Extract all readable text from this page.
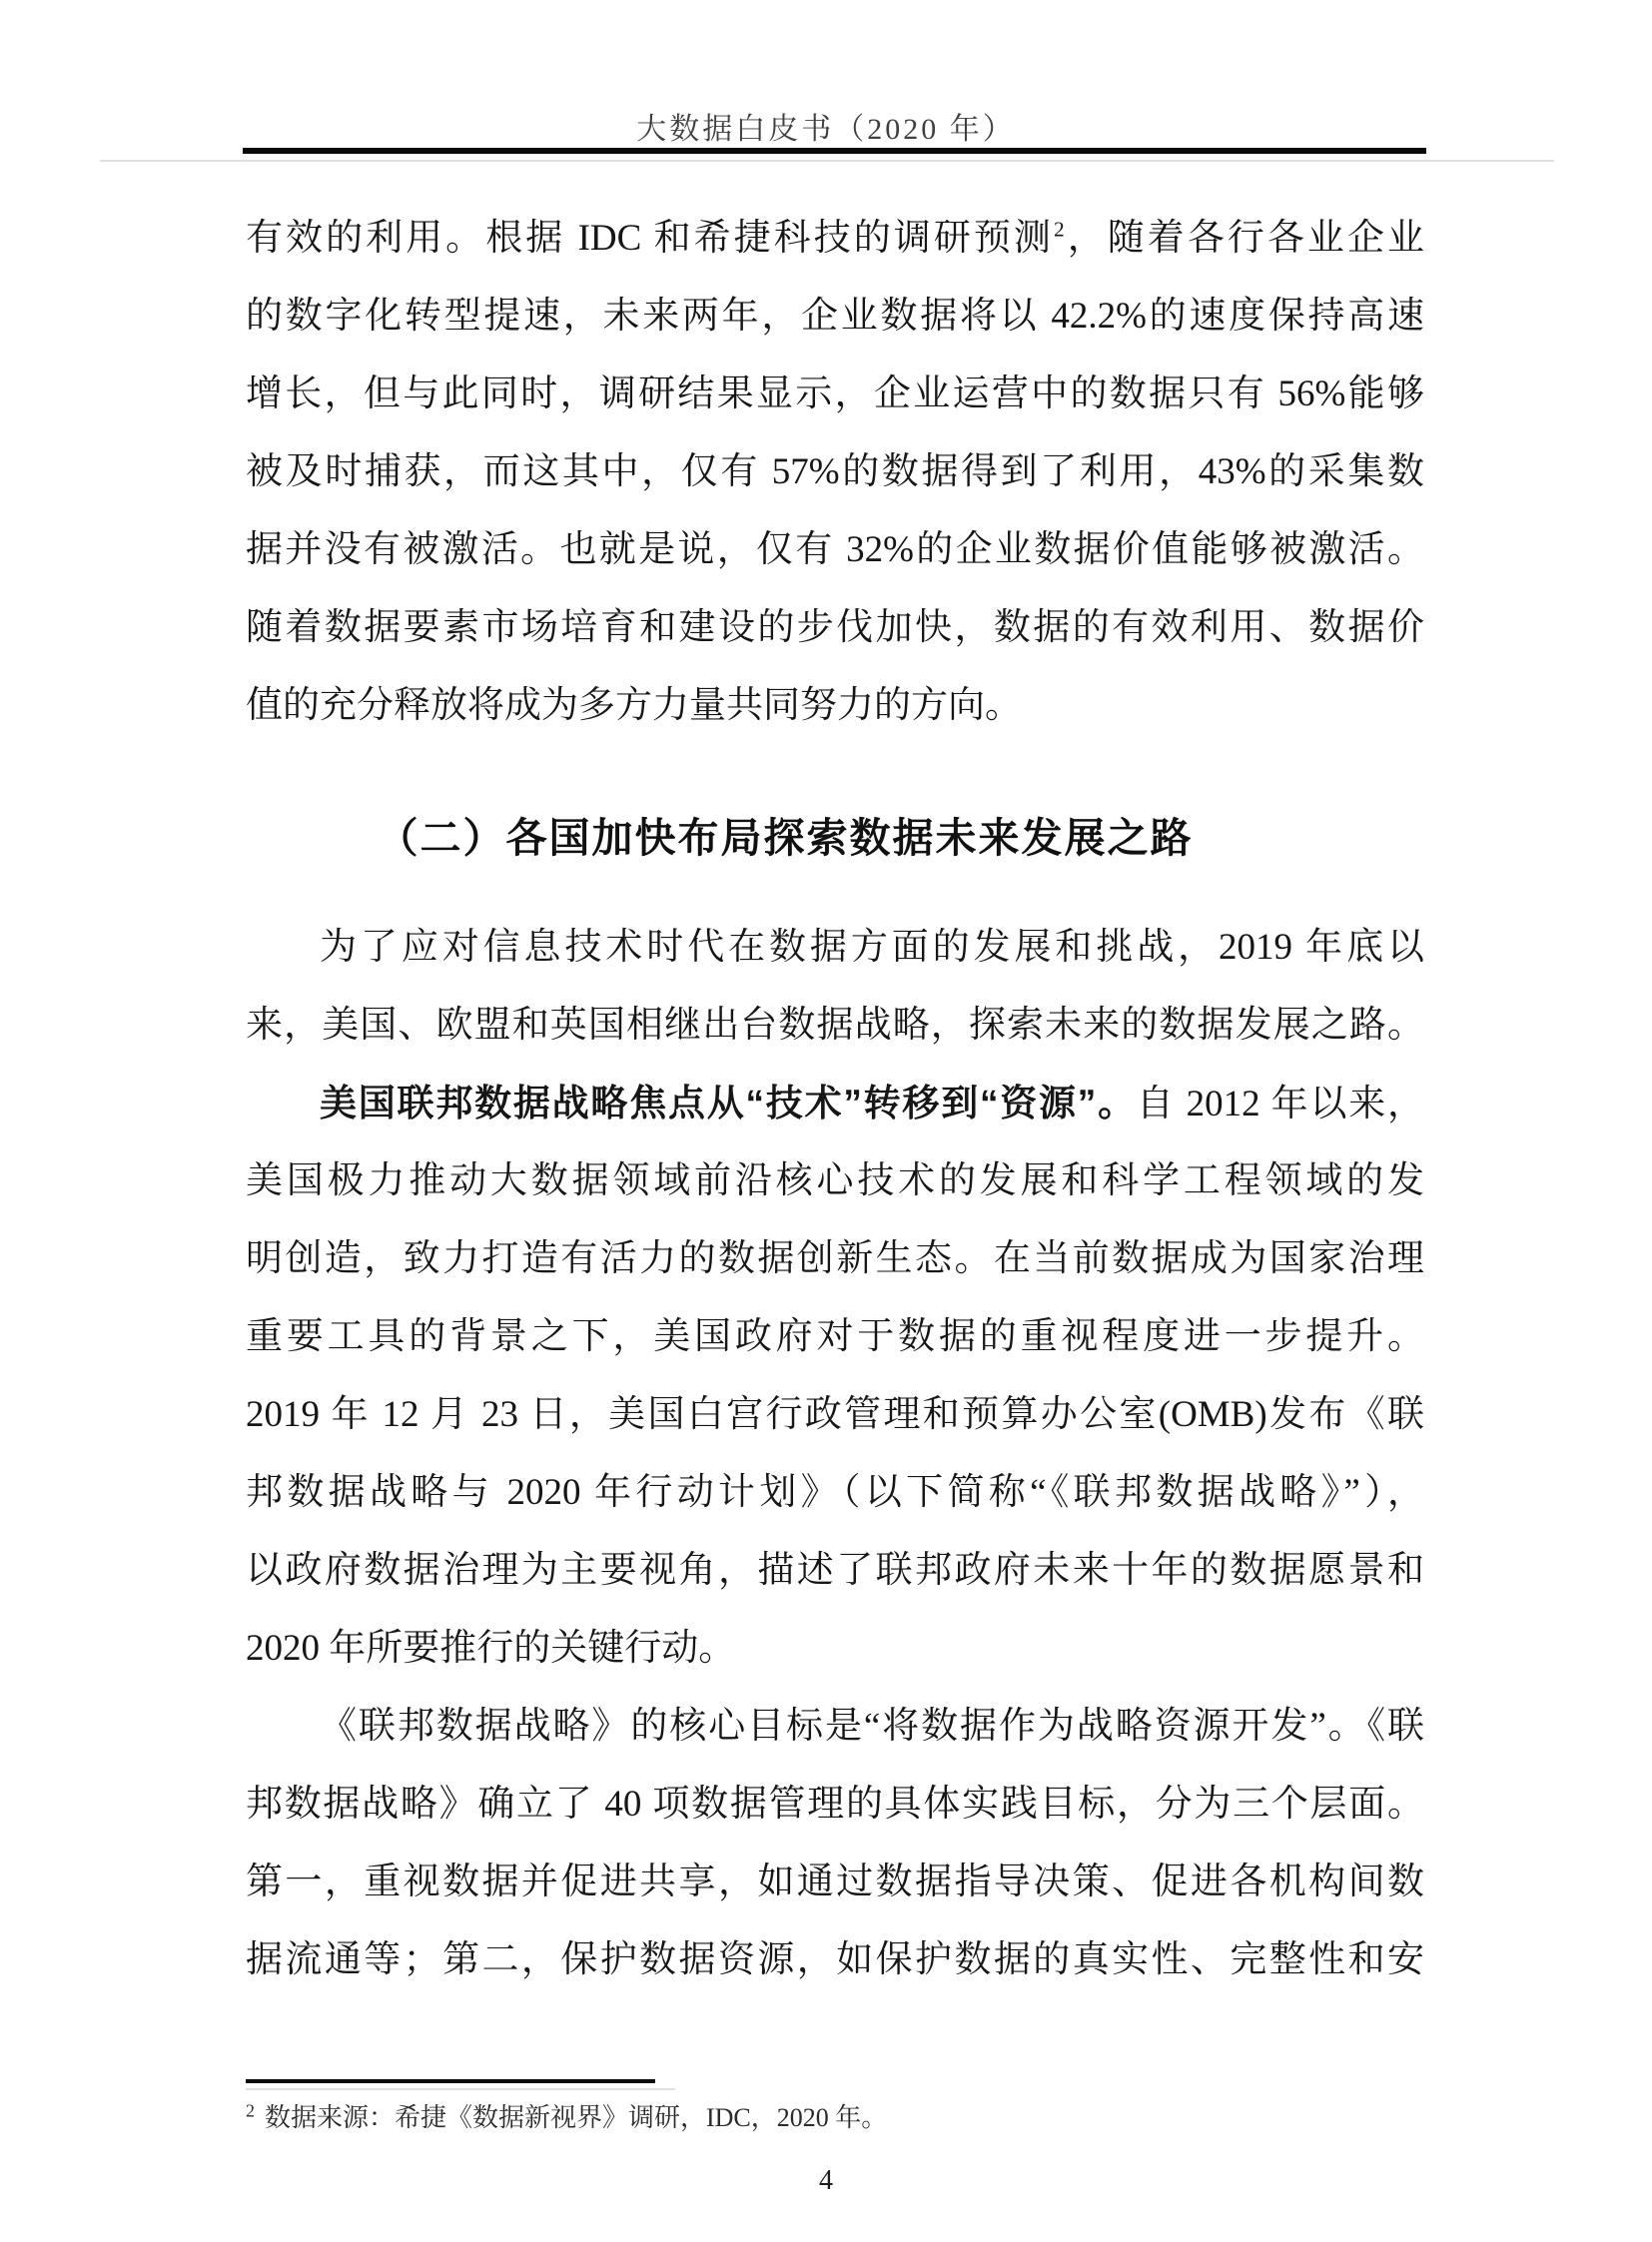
大数据白皮书（2020 年）
有效的利用。根据 IDC 和希捷科技的调研预测$^2$，随着各行各业企业
的数字化转型提速，未来两年，企业数据将以 42.2%的速度保持高速
增长，但与此同时，调研结果显示，企业运营中的数据只有 56%能够
被及时捕获，而这其中，仅有 57%的数据得到了利用，43%的采集数
据并没有被激活。也就是说，仅有 32%的企业数据价值能够被激活。
随着数据要素市场培育和建设的步伐加快，数据的有效利用、数据价
值的充分释放将成为多方力量共同努力的方向。
（二）各国加快布局探索数据未来发展之路
为了应对信息技术时代在数据方面的发展和挑战，2019 年底以
来，美国、欧盟和英国相继出台数据战略，探索未来的数据发展之路。
美国联邦数据战略焦点从“技术”转移到“资源”。自 2012 年以来，
美国极力推动大数据领域前沿核心技术的发展和科学工程领域的发
明创造，致力打造有活力的数据创新生态。在当前数据成为国家治理
重要工具的背景之下，美国政府对于数据的重视程度进一步提升。
2019 年 12 月 23 日，美国白宫行政管理和预算办公室(OMB)发布《联
邦数据战略与 2020 年行动计划》（以下简称“《联邦数据战略》”），
以政府数据治理为主要视角，描述了联邦政府未来十年的数据愿景和
2020 年所要推行的关键行动。
《联邦数据战略》的核心目标是“将数据作为战略资源开发”。《联
邦数据战略》确立了 40 项数据管理的具体实践目标，分为三个层面。
第一，重视数据并促进共享，如通过数据指导决策、促进各机构间数
据流通等；第二，保护数据资源，如保护数据的真实性、完整性和安
$^2$ 数据来源：希捷《数据新视界》调研，IDC，2020 年。
4
